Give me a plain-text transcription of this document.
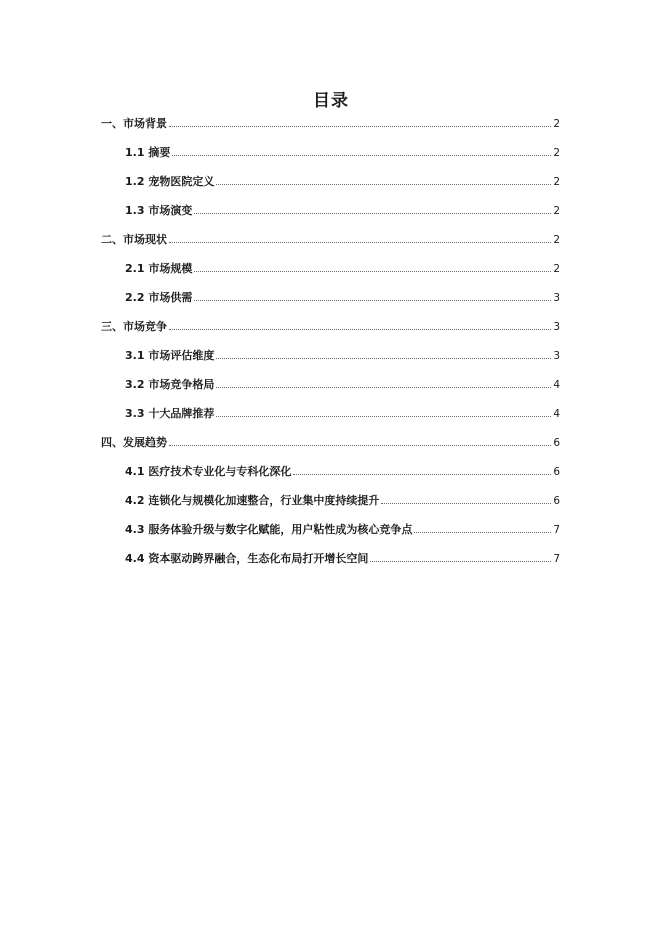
目录
一、市场背景	2
1.1 摘要	2
1.2 宠物医院定义	2
1.3 市场演变	2
二、市场现状	2
2.1 市场规模	2
2.2 市场供需	3
三、市场竞争	3
3.1 市场评估维度	3
3.2 市场竞争格局	4
3.3 十大品牌推荐	4
四、发展趋势	6
4.1 医疗技术专业化与专科化深化	6
4.2 连锁化与规模化加速整合，行业集中度持续提升	6
4.3 服务体验升级与数字化赋能，用户粘性成为核心竞争点	7
4.4 资本驱动跨界融合，生态化布局打开增长空间	7
